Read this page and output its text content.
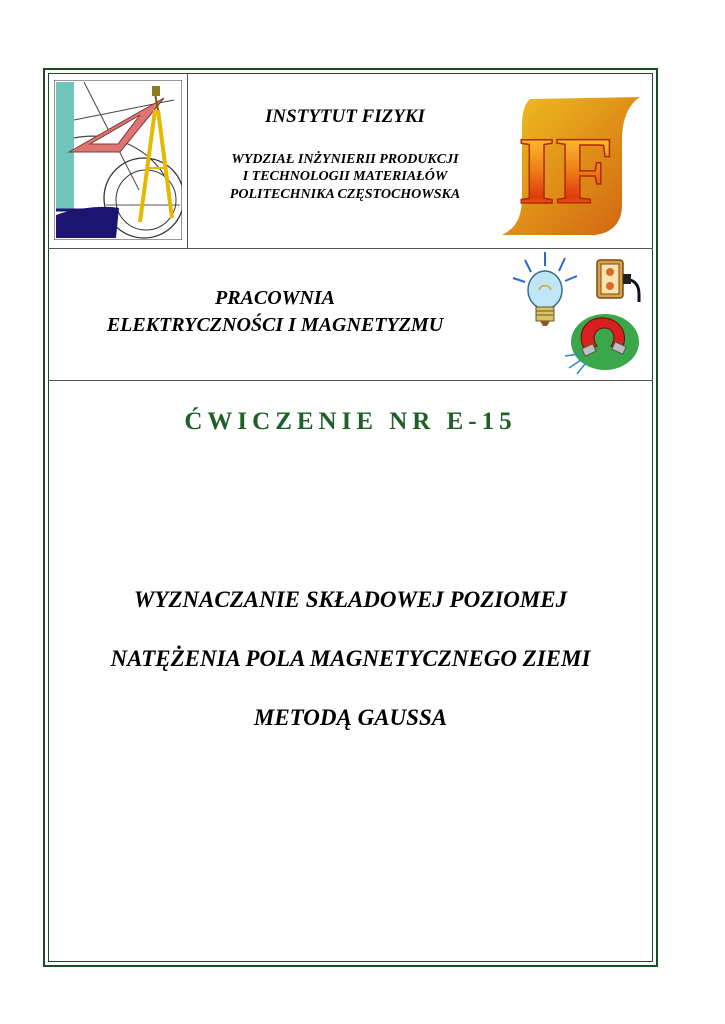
IF
INSTYTUT FIZYKI
WYDZIAŁ INŻYNIERII PRODUKCJI
I TECHNOLOGII MATERIAŁÓW
POLITECHNIKA CZĘSTOCHOWSKA
PRACOWNIA
ELEKTRYCZNOŚCI I MAGNETYZMU
ĆWICZENIE NR E-15
WYZNACZANIE SKŁADOWEJ POZIOMEJ
NATĘŻENIA POLA MAGNETYCZNEGO ZIEMI
METODĄ GAUSSA
